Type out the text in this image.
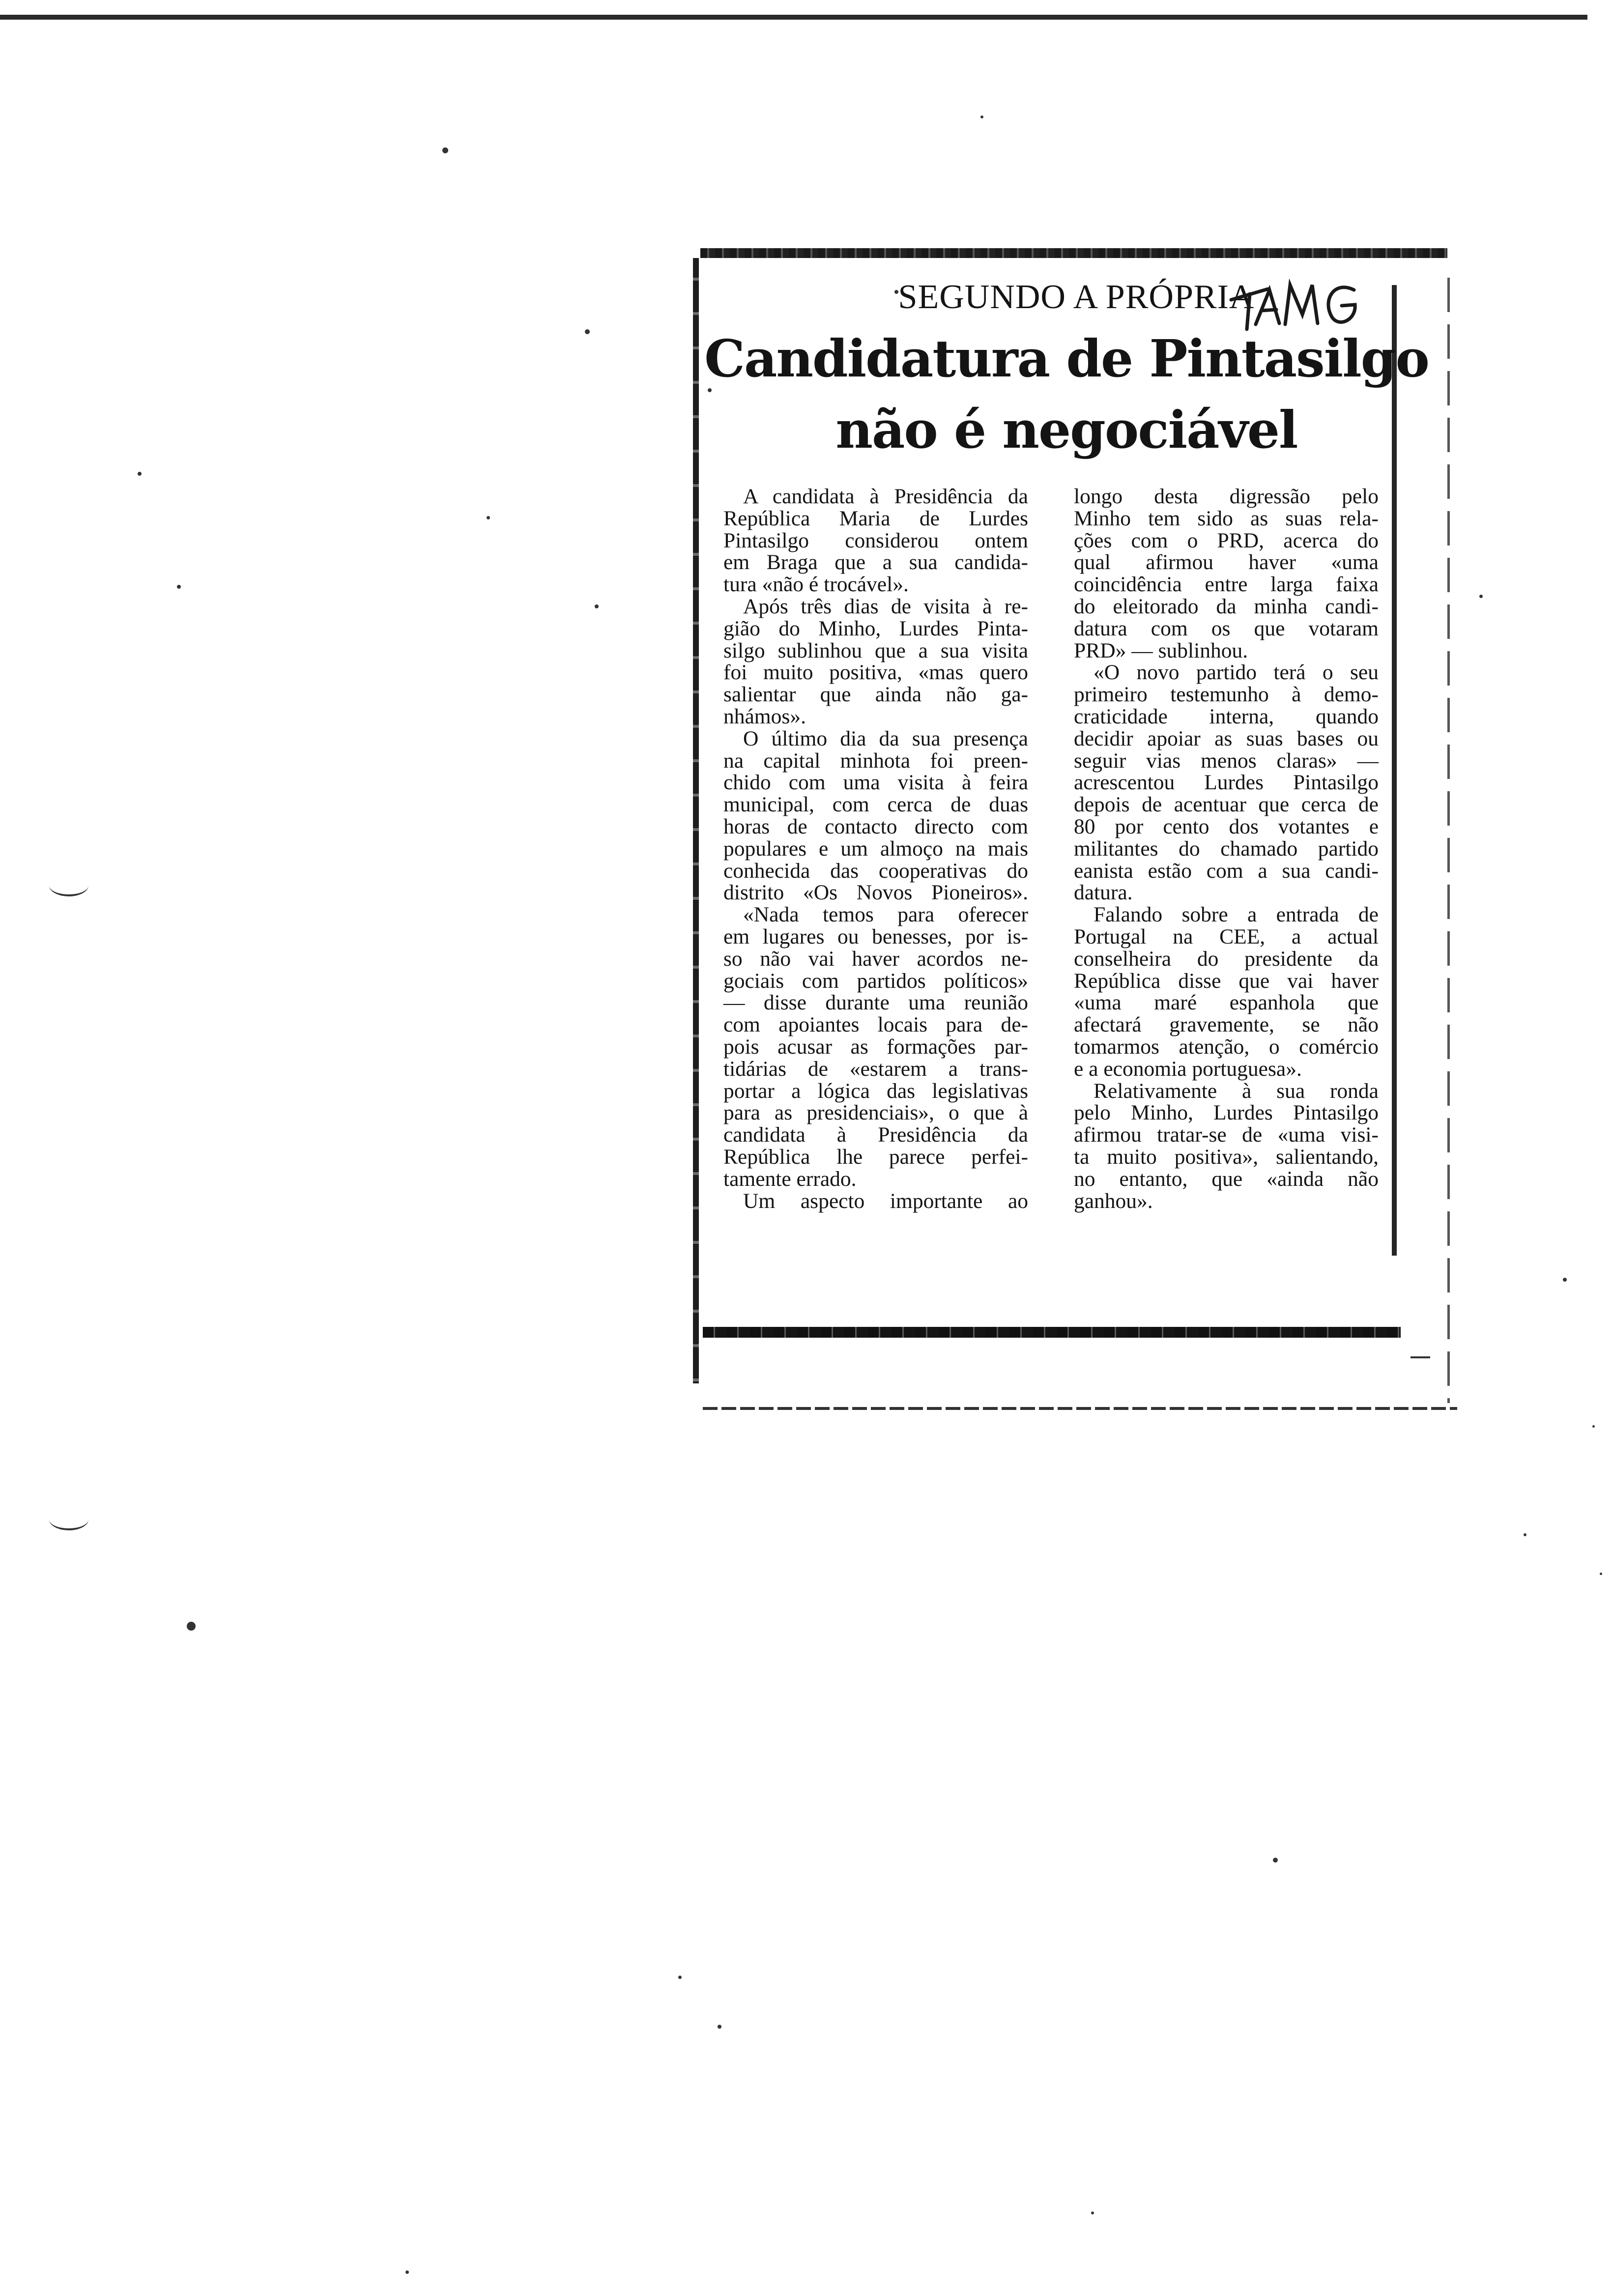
SEGUNDO A PRÓPRIA
Candidatura de Pintasilgo
não é negociável
A candidata à Presidência da
República Maria de Lurdes
Pintasilgo considerou ontem
em Braga que a sua candida-
tura «não é trocável».
Após três dias de visita à re-
gião do Minho, Lurdes Pinta-
silgo sublinhou que a sua visita
foi muito positiva, «mas quero
salientar que ainda não ga-
nhámos».
O último dia da sua presença
na capital minhota foi preen-
chido com uma visita à feira
municipal, com cerca de duas
horas de contacto directo com
populares e um almoço na mais
conhecida das cooperativas do
distrito «Os Novos Pioneiros».
«Nada temos para oferecer
em lugares ou benesses, por is-
so não vai haver acordos ne-
gociais com partidos políticos»
— disse durante uma reunião
com apoiantes locais para de-
pois acusar as formações par-
tidárias de «estarem a trans-
portar a lógica das legislativas
para as presidenciais», o que à
candidata à Presidência da
República lhe parece perfei-
tamente errado.
Um aspecto importante ao
longo desta digressão pelo
Minho tem sido as suas rela-
ções com o PRD, acerca do
qual afirmou haver «uma
coincidência entre larga faixa
do eleitorado da minha candi-
datura com os que votaram
PRD» — sublinhou.
«O novo partido terá o seu
primeiro testemunho à demo-
craticidade interna, quando
decidir apoiar as suas bases ou
seguir vias menos claras» —
acrescentou Lurdes Pintasilgo
depois de acentuar que cerca de
80 por cento dos votantes e
militantes do chamado partido
eanista estão com a sua candi-
datura.
Falando sobre a entrada de
Portugal na CEE, a actual
conselheira do presidente da
República disse que vai haver
«uma maré espanhola que
afectará gravemente, se não
tomarmos atenção, o comércio
e a economia portuguesa».
Relativamente à sua ronda
pelo Minho, Lurdes Pintasilgo
afirmou tratar-se de «uma visi-
ta muito positiva», salientando,
no entanto, que «ainda não
ganhou».
